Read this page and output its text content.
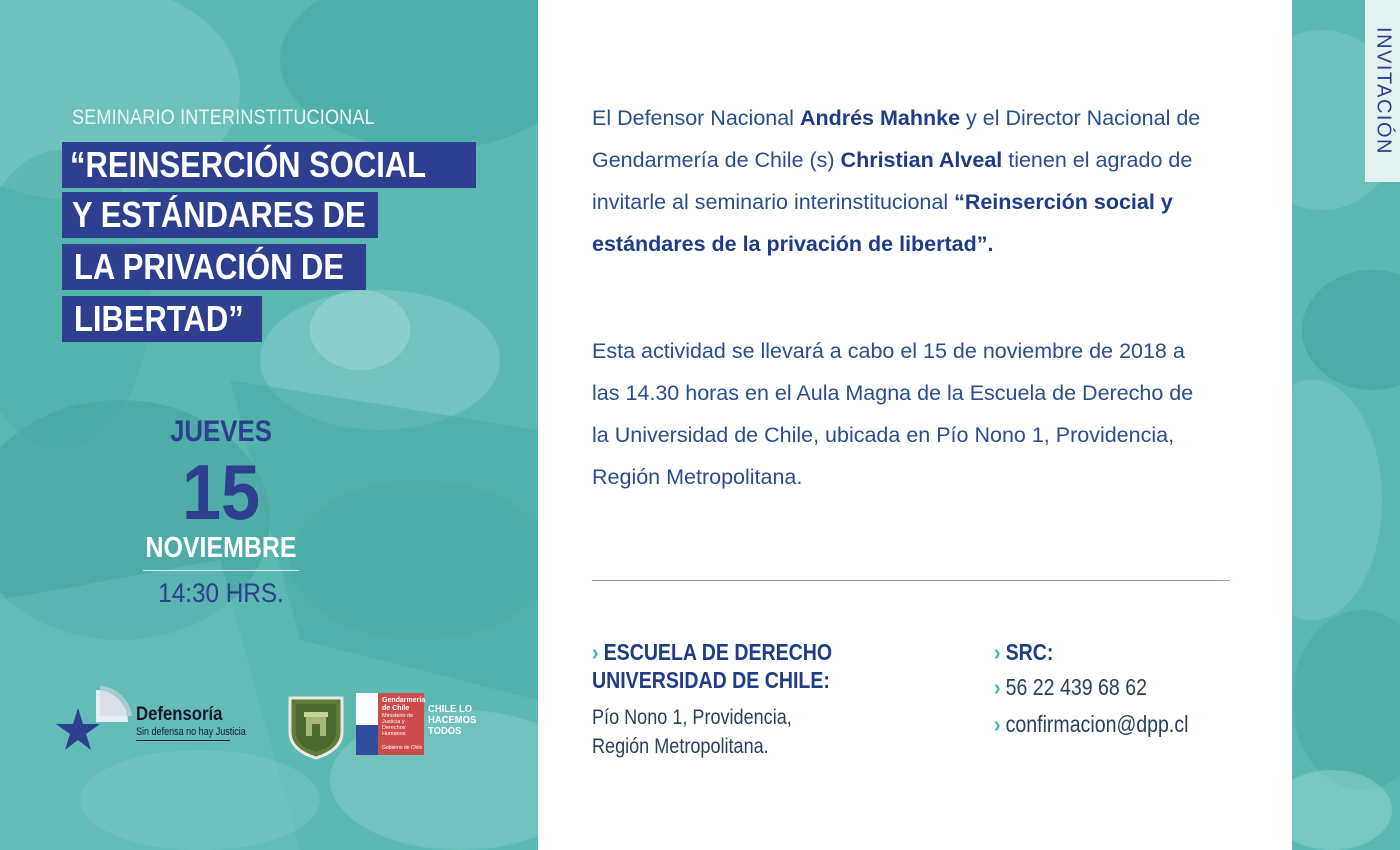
SEMINARIO INTERINSTITUCIONAL
“REINSERCIÓN SOCIAL
Y ESTÁNDARES DE
LA PRIVACIÓN DE
LIBERTAD”
JUEVES
15
NOVIEMBRE
14:30 HRS.
Defensoría
Sin defensa no hay Justicia
Gendarmería de Chile
Ministerio de Justicia y Derechos Humanos
Gobierno de Chile
CHILE LO HACEMOS TODOS

El Defensor Nacional Andrés Mahnke y el Director Nacional de Gendarmería de Chile (s) Christian Alveal tienen el agrado de invitarle al seminario interinstitucional “Reinserción social y estándares de la privación de libertad”.

Esta actividad se llevará a cabo el 15 de noviembre de 2018 a las 14.30 horas en el Aula Magna de la Escuela de Derecho de la Universidad de Chile, ubicada en Pío Nono 1, Providencia, Región Metropolitana.

› ESCUELA DE DERECHO
UNIVERSIDAD DE CHILE:
Pío Nono 1, Providencia,
Región Metropolitana.
› SRC:
› 56 22 439 68 62
› confirmacion@dpp.cl
INVITACIÓN
